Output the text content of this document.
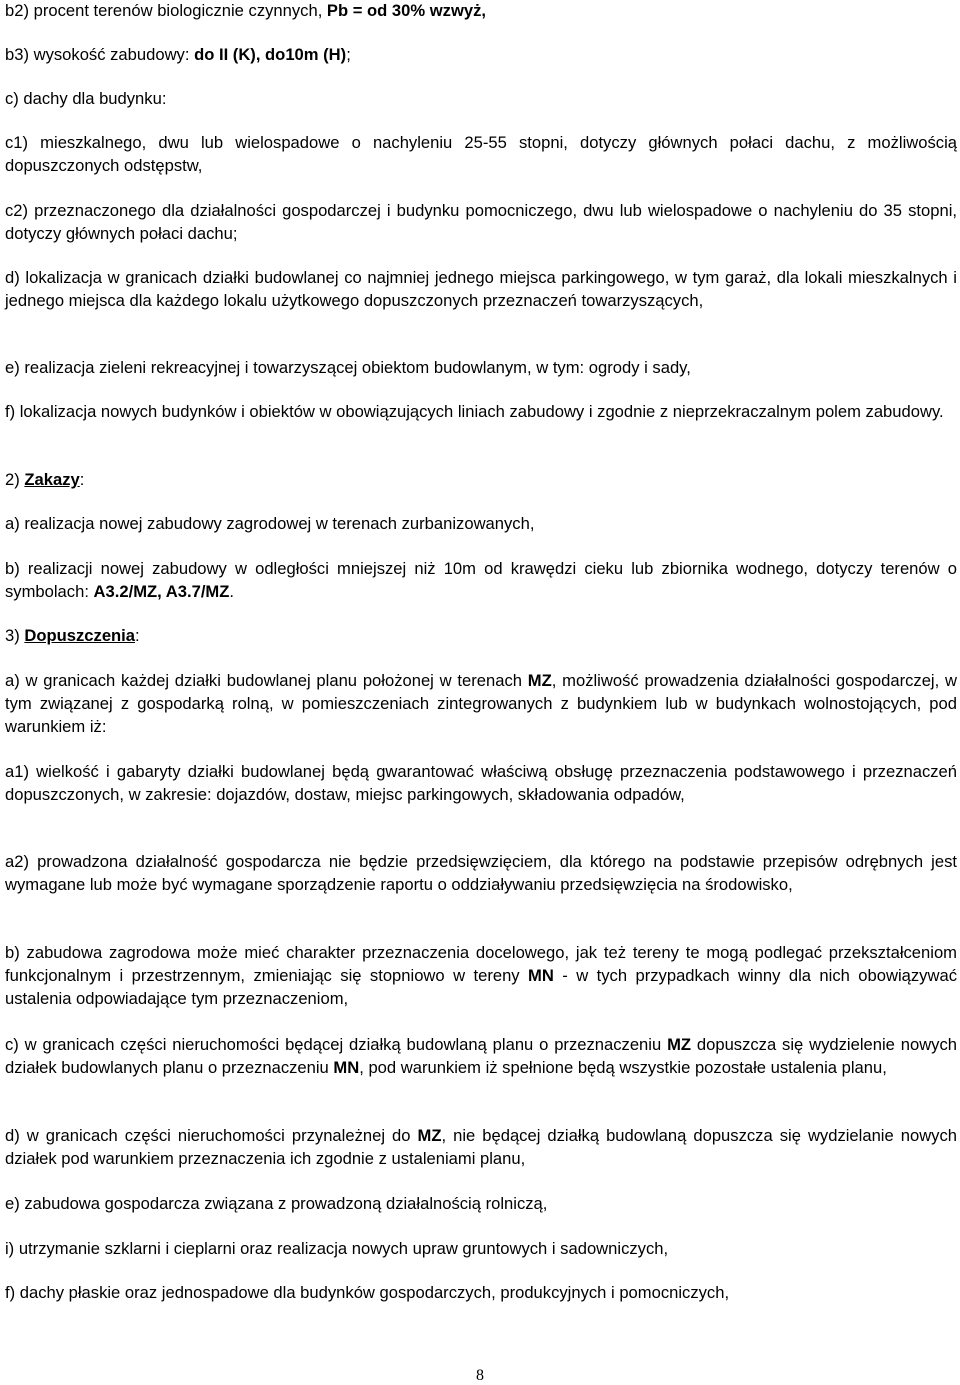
b2) procent terenów biologicznie czynnych, Pb = od 30% wzwyż,

b3) wysokość zabudowy: do II (K), do10m (H);

c) dachy dla budynku:

c1) mieszkalnego, dwu lub wielospadowe o nachyleniu 25-55 stopni, dotyczy głównych połaci dachu, z możliwością dopuszczonych odstępstw,

c2) przeznaczonego dla działalności gospodarczej i budynku pomocniczego, dwu lub wielospadowe o nachyleniu do 35 stopni, dotyczy głównych połaci dachu;

d) lokalizacja w granicach działki budowlanej co najmniej jednego miejsca parkingowego, w tym garaż, dla lokali mieszkalnych i jednego miejsca dla każdego lokalu użytkowego dopuszczonych przeznaczeń towarzyszących,

e) realizacja zieleni rekreacyjnej i towarzyszącej obiektom budowlanym, w tym: ogrody i sady,

f) lokalizacja nowych budynków i obiektów w obowiązujących liniach zabudowy i zgodnie z nieprzekraczalnym polem zabudowy.

2) Zakazy:

a) realizacja nowej zabudowy zagrodowej w terenach zurbanizowanych,

b) realizacji nowej zabudowy w odległości mniejszej niż 10m od krawędzi cieku lub zbiornika wodnego, dotyczy terenów o symbolach: A3.2/MZ, A3.7/MZ.

3) Dopuszczenia:

a) w granicach każdej działki budowlanej planu położonej w terenach MZ, możliwość prowadzenia działalności gospodarczej, w tym związanej z gospodarką rolną, w pomieszczeniach zintegrowanych z budynkiem lub w budynkach wolnostojących, pod warunkiem iż:

a1) wielkość i gabaryty działki budowlanej będą gwarantować właściwą obsługę przeznaczenia podstawowego i przeznaczeń dopuszczonych, w zakresie: dojazdów, dostaw, miejsc parkingowych, składowania odpadów,

a2) prowadzona działalność gospodarcza nie będzie przedsięwzięciem, dla którego na podstawie przepisów odrębnych jest wymagane lub może być wymagane sporządzenie raportu o oddziaływaniu przedsięwzięcia na środowisko,

b) zabudowa zagrodowa może mieć charakter przeznaczenia docelowego, jak też tereny te mogą podlegać przekształceniom funkcjonalnym i przestrzennym, zmieniając się stopniowo w tereny MN - w tych przypadkach winny dla nich obowiązywać ustalenia odpowiadające tym przeznaczeniom,

c) w granicach części nieruchomości będącej działką budowlaną planu o przeznaczeniu MZ dopuszcza się wydzielenie nowych działek budowlanych planu o przeznaczeniu MN, pod warunkiem iż spełnione będą wszystkie pozostałe ustalenia planu,

d) w granicach części nieruchomości przynależnej do MZ, nie będącej działką budowlaną dopuszcza się wydzielanie nowych działek pod warunkiem przeznaczenia ich zgodnie z ustaleniami planu,

e) zabudowa gospodarcza związana z prowadzoną działalnością rolniczą,

i) utrzymanie szklarni i cieplarni oraz realizacja nowych upraw gruntowych i sadowniczych,

f) dachy płaskie oraz jednospadowe dla budynków gospodarczych, produkcyjnych i pomocniczych,

8
